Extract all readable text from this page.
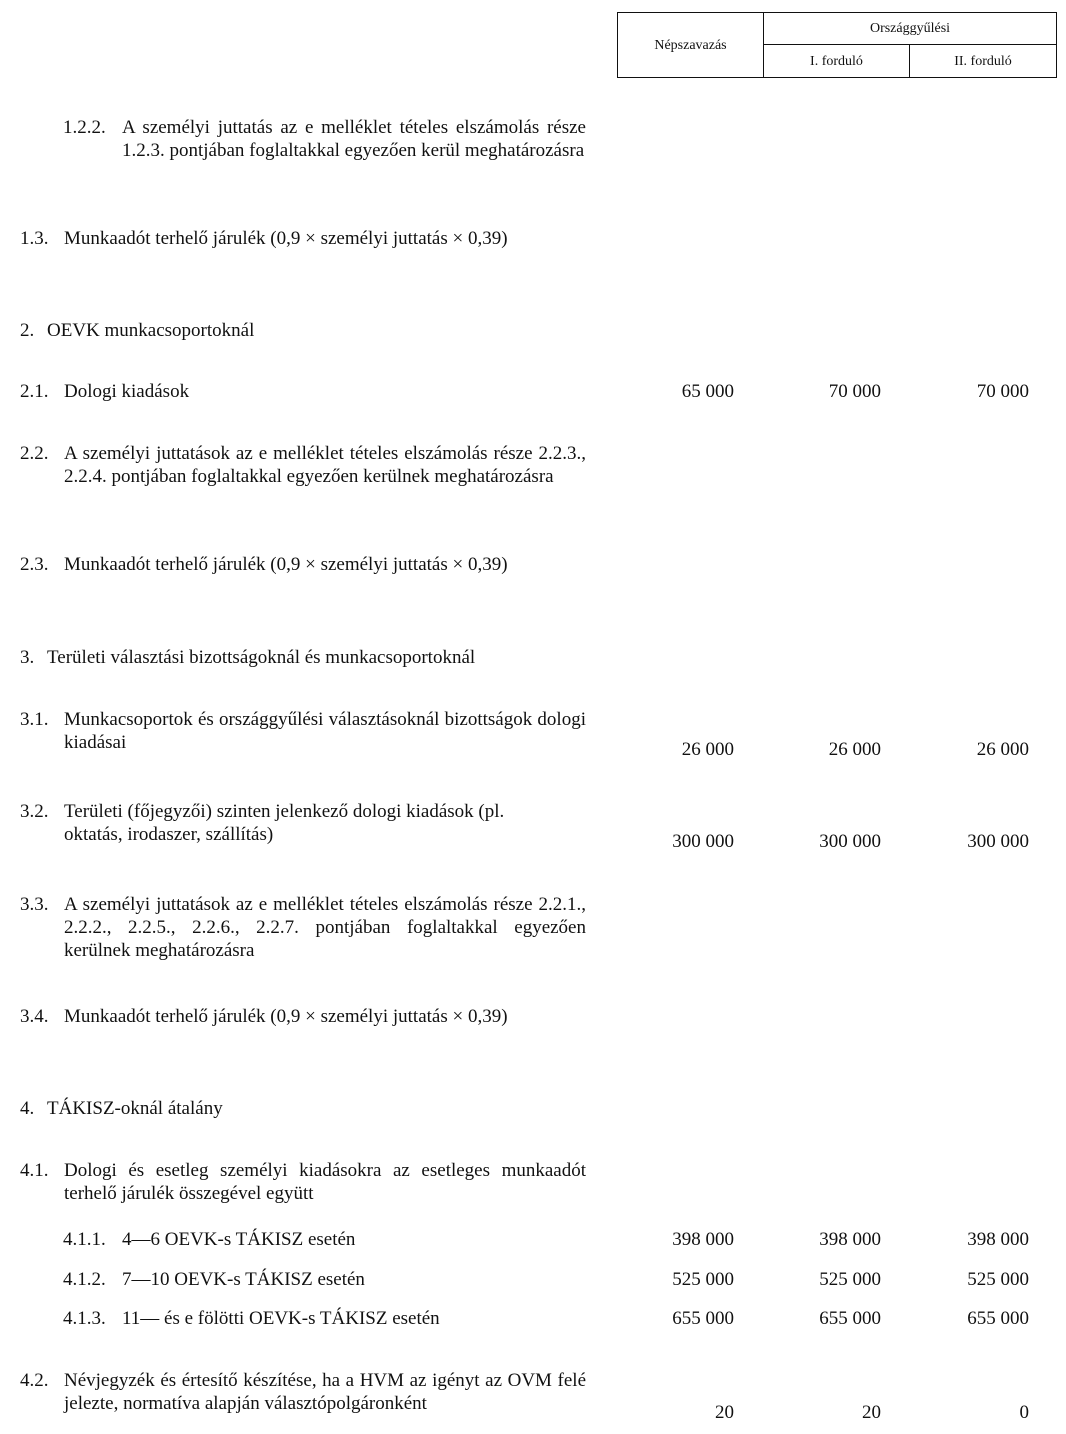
Népszavazás
Országgyűlési
I. forduló	II. forduló
1.2.2. A személyi juttatás az e melléklet tételes elszámolás része 1.2.3. pontjában foglaltakkal egyezően kerül meghatározásra
1.3. Munkaadót terhelő járulék (0,9 × személyi juttatás × 0,39)
2. OEVK munkacsoportoknál
2.1. Dologi kiadások	65 000	70 000	70 000
2.2. A személyi juttatások az e melléklet tételes elszámolás része 2.2.3., 2.2.4. pontjában foglaltakkal egyezően kerülnek meghatározásra
2.3. Munkaadót terhelő járulék (0,9 × személyi juttatás × 0,39)
3. Területi választási bizottságoknál és munkacsoportoknál
3.1. Munkacsoportok és országgyűlési választásoknál bizottságok dologi kiadásai	26 000	26 000	26 000
3.2. Területi (főjegyzői) szinten jelenkező dologi kiadások (pl. oktatás, irodaszer, szállítás)	300 000	300 000	300 000
3.3. A személyi juttatások az e melléklet tételes elszámolás része 2.2.1., 2.2.2., 2.2.5., 2.2.6., 2.2.7. pontjában foglaltakkal egyezően kerülnek meghatározásra
3.4. Munkaadót terhelő járulék (0,9 × személyi juttatás × 0,39)
4. TÁKISZ-oknál átalány
4.1. Dologi és esetleg személyi kiadásokra az esetleges munkaadót terhelő járulék összegével együtt
4.1.1. 4—6 OEVK-s TÁKISZ esetén	398 000	398 000	398 000
4.1.2. 7—10 OEVK-s TÁKISZ esetén	525 000	525 000	525 000
4.1.3. 11— és e fölötti OEVK-s TÁKISZ esetén	655 000	655 000	655 000
4.2. Névjegyzék és értesítő készítése, ha a HVM az igényt az OVM felé jelezte, normatíva alapján választópolgáronként	20	20	0
